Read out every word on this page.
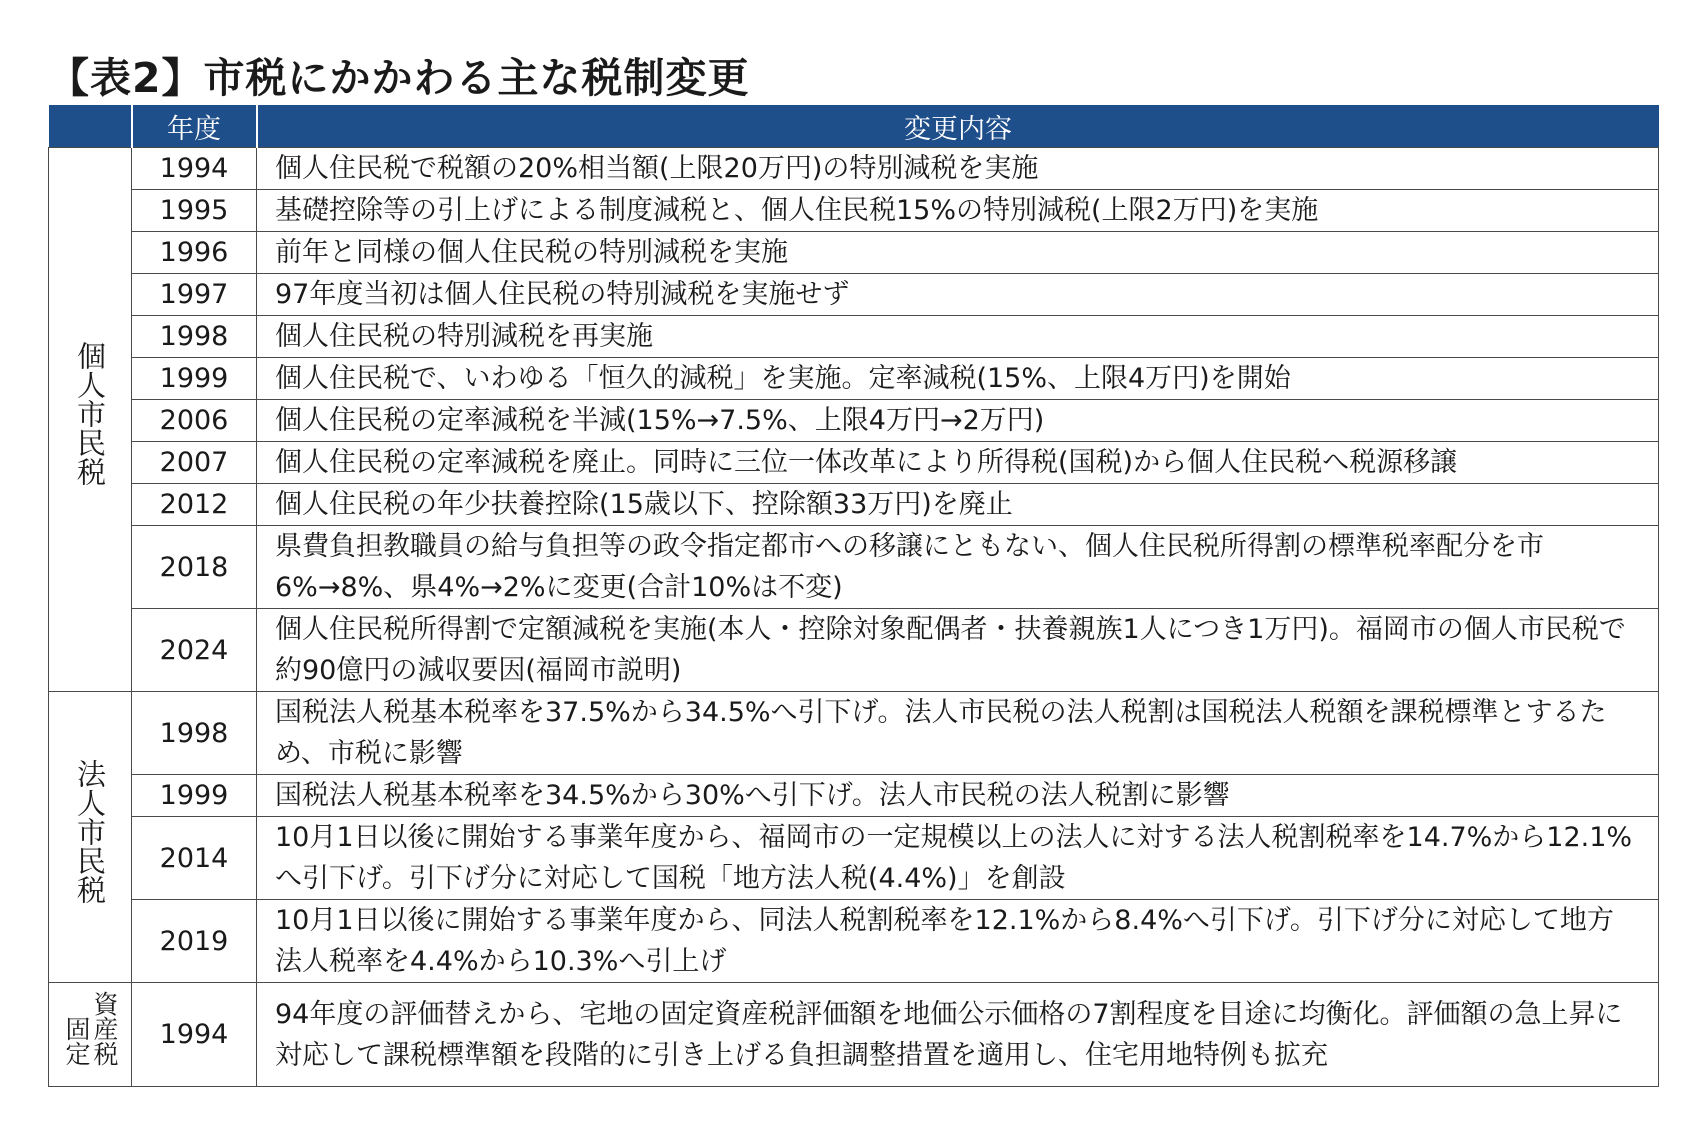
【表2】市税にかかわる主な税制変更
	年度	変更内容
個人市民税	1994	個人住民税で税額の20%相当額(上限20万円)の特別減税を実施
	1995	基礎控除等の引上げによる制度減税と、個人住民税15%の特別減税(上限2万円)を実施
	1996	前年と同様の個人住民税の特別減税を実施
	1997	97年度当初は個人住民税の特別減税を実施せず
	1998	個人住民税の特別減税を再実施
	1999	個人住民税で、いわゆる「恒久的減税」を実施。定率減税(15%、上限4万円)を開始
	2006	個人住民税の定率減税を半減(15%→7.5%、上限4万円→2万円)
	2007	個人住民税の定率減税を廃止。同時に三位一体改革により所得税(国税)から個人住民税へ税源移譲
	2012	個人住民税の年少扶養控除(15歳以下、控除額33万円)を廃止
	2018	県費負担教職員の給与負担等の政令指定都市への移譲にともない、個人住民税所得割の標準税率配分を市6%→8%、県4%→2%に変更(合計10%は不変)
	2024	個人住民税所得割で定額減税を実施(本人・控除対象配偶者・扶養親族1人につき1万円)。福岡市の個人市民税で約90億円の減収要因(福岡市説明)
法人市民税	1998	国税法人税基本税率を37.5%から34.5%へ引下げ。法人市民税の法人税割は国税法人税額を課税標準とするため、市税に影響
	1999	国税法人税基本税率を34.5%から30%へ引下げ。法人市民税の法人税割に影響
	2014	10月1日以後に開始する事業年度から、福岡市の一定規模以上の法人に対する法人税割税率を14.7%から12.1%へ引下げ。引下げ分に対応して国税「地方法人税(4.4%)」を創設
	2019	10月1日以後に開始する事業年度から、同法人税割税率を12.1%から8.4%へ引下げ。引下げ分に対応して地方法人税率を4.4%から10.3%へ引上げ
固定資産税	1994	94年度の評価替えから、宅地の固定資産税評価額を地価公示価格の7割程度を目途に均衡化。評価額の急上昇に対応して課税標準額を段階的に引き上げる負担調整措置を適用し、住宅用地特例も拡充
